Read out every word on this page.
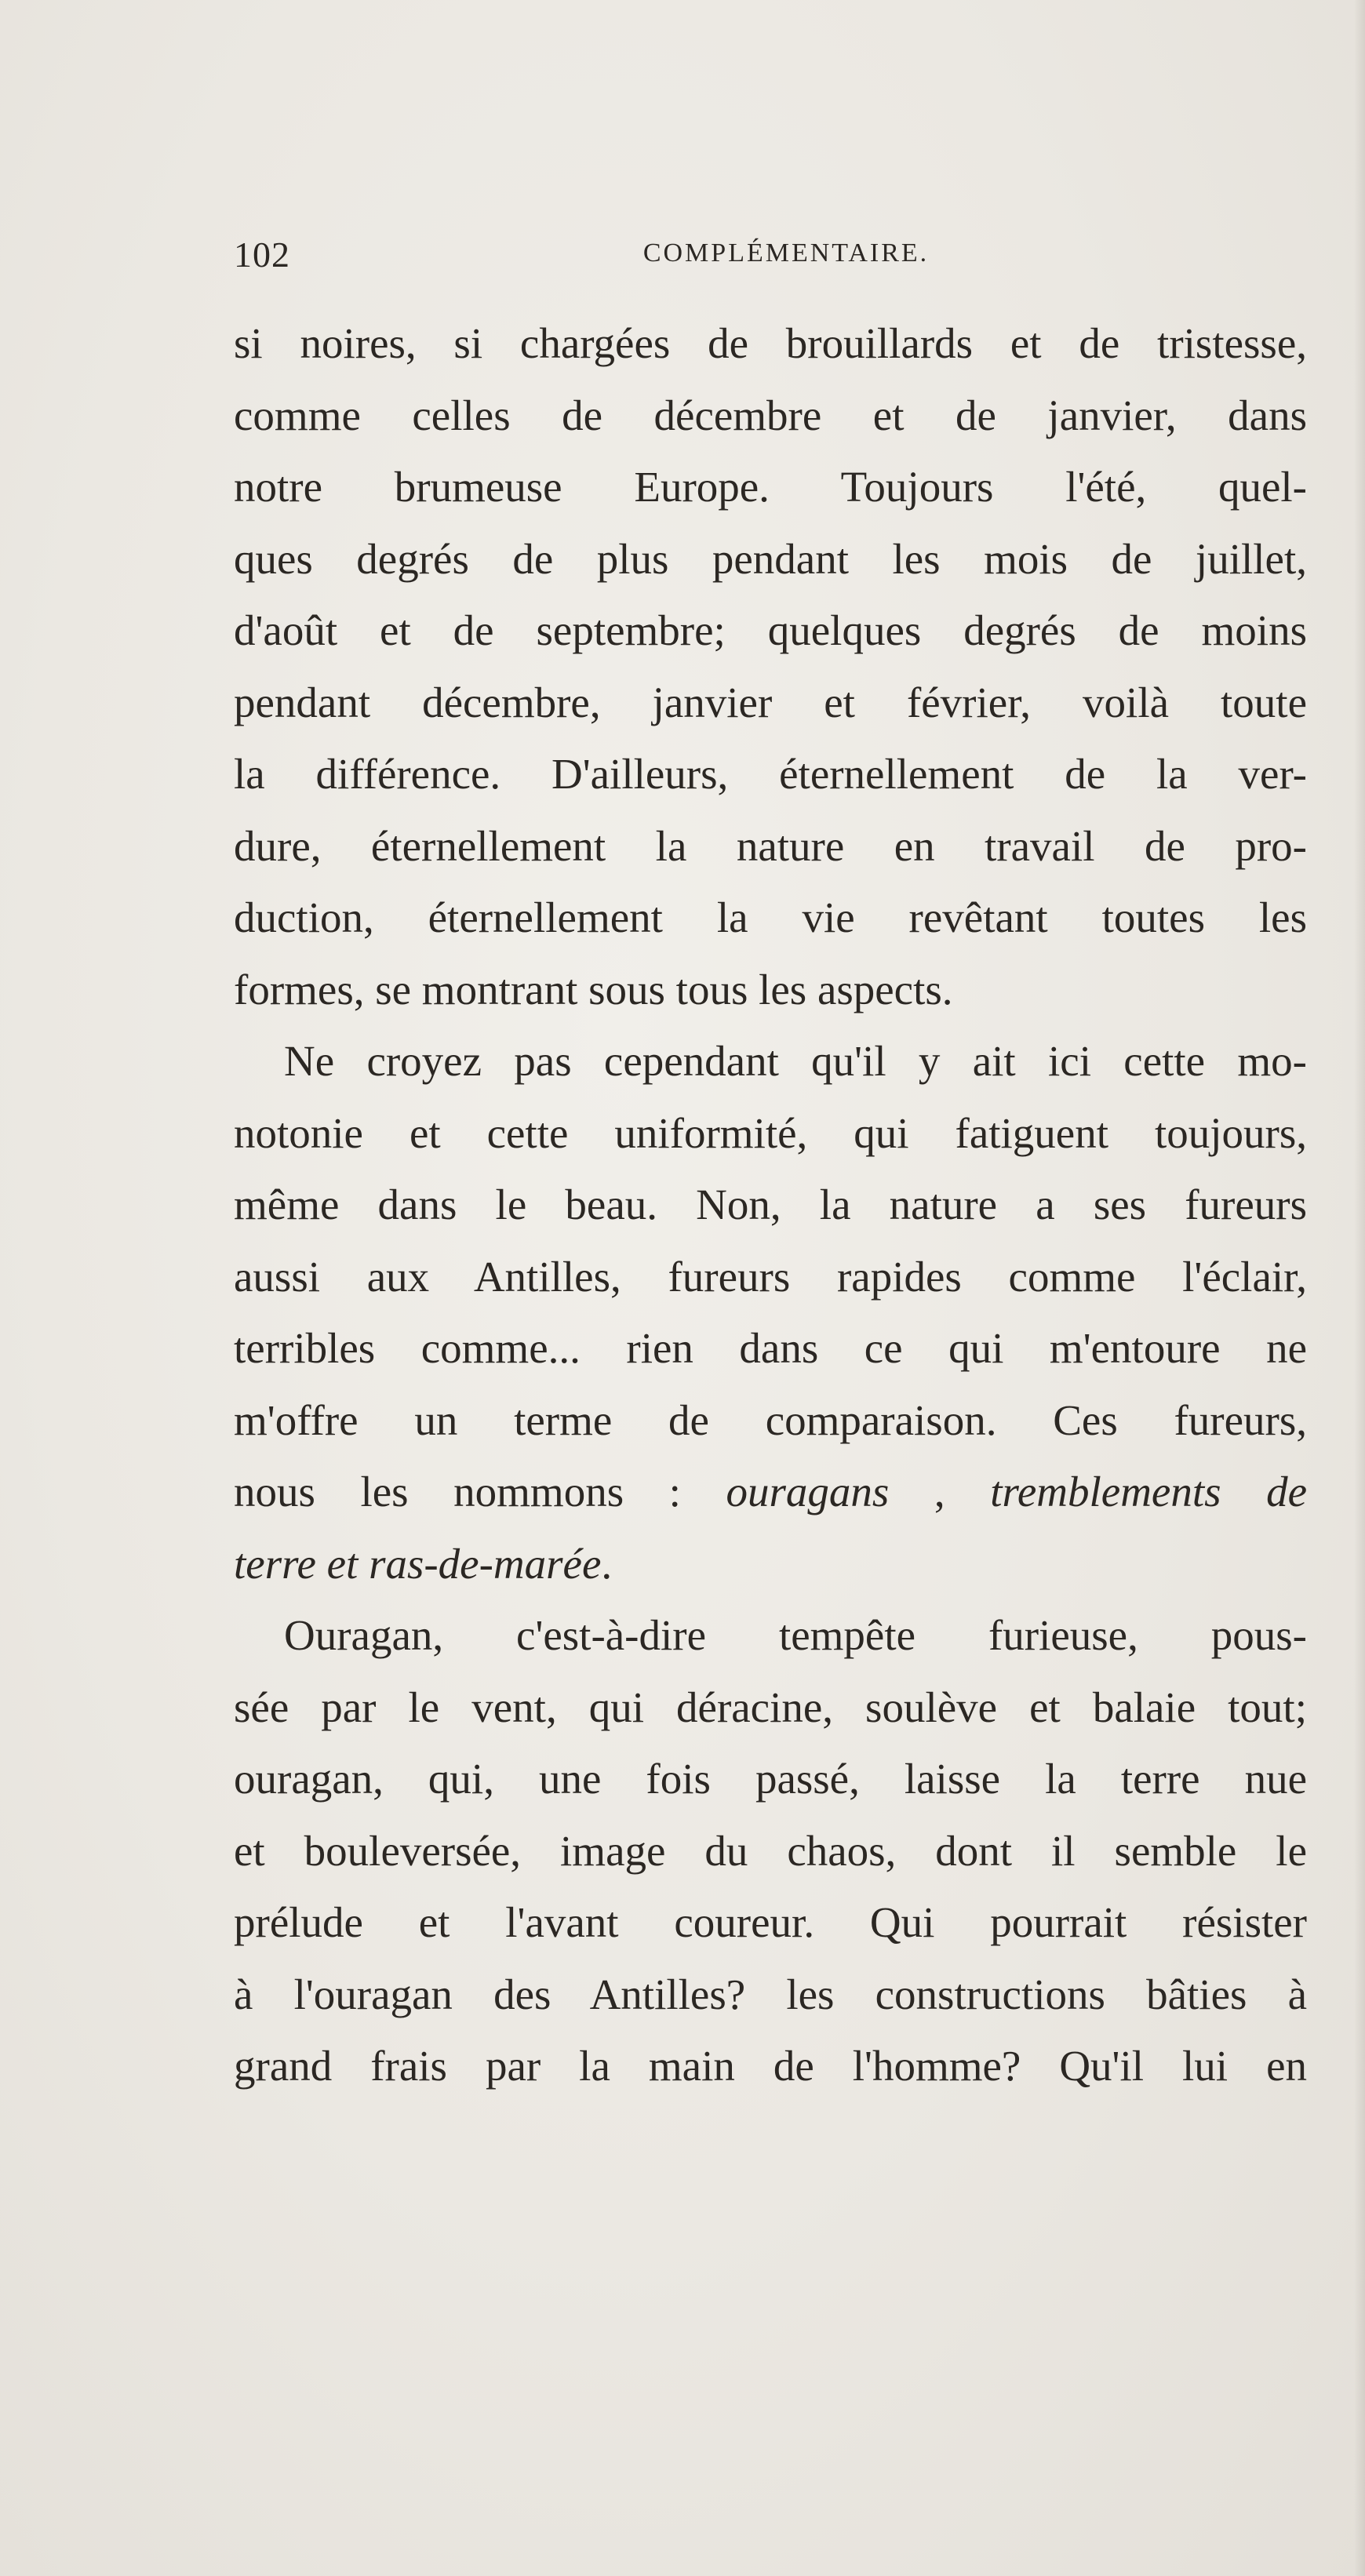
102	COMPLÉMENTAIRE.
si noires, si chargées de brouillards et de tristesse,
comme celles de décembre et de janvier, dans
notre brumeuse Europe. Toujours l'été, quel-
ques degrés de plus pendant les mois de juillet,
d'août et de septembre; quelques degrés de moins
pendant décembre, janvier et février, voilà toute
la différence. D'ailleurs, éternellement de la ver-
dure, éternellement la nature en travail de pro-
duction, éternellement la vie revêtant toutes les
formes, se montrant sous tous les aspects.
Ne croyez pas cependant qu'il y ait ici cette mo-
notonie et cette uniformité, qui fatiguent toujours,
même dans le beau. Non, la nature a ses fureurs
aussi aux Antilles, fureurs rapides comme l'éclair,
terribles comme... rien dans ce qui m'entoure ne
m'offre un terme de comparaison. Ces fureurs,
nous les nommons : ouragans , tremblements de
terre et ras-de-marée.
Ouragan, c'est-à-dire tempête furieuse, pous-
sée par le vent, qui déracine, soulève et balaie tout;
ouragan, qui, une fois passé, laisse la terre nue
et bouleversée, image du chaos, dont il semble le
prélude et l'avant coureur. Qui pourrait résister
à l'ouragan des Antilles? les constructions bâties à
grand frais par la main de l'homme? Qu'il lui en
